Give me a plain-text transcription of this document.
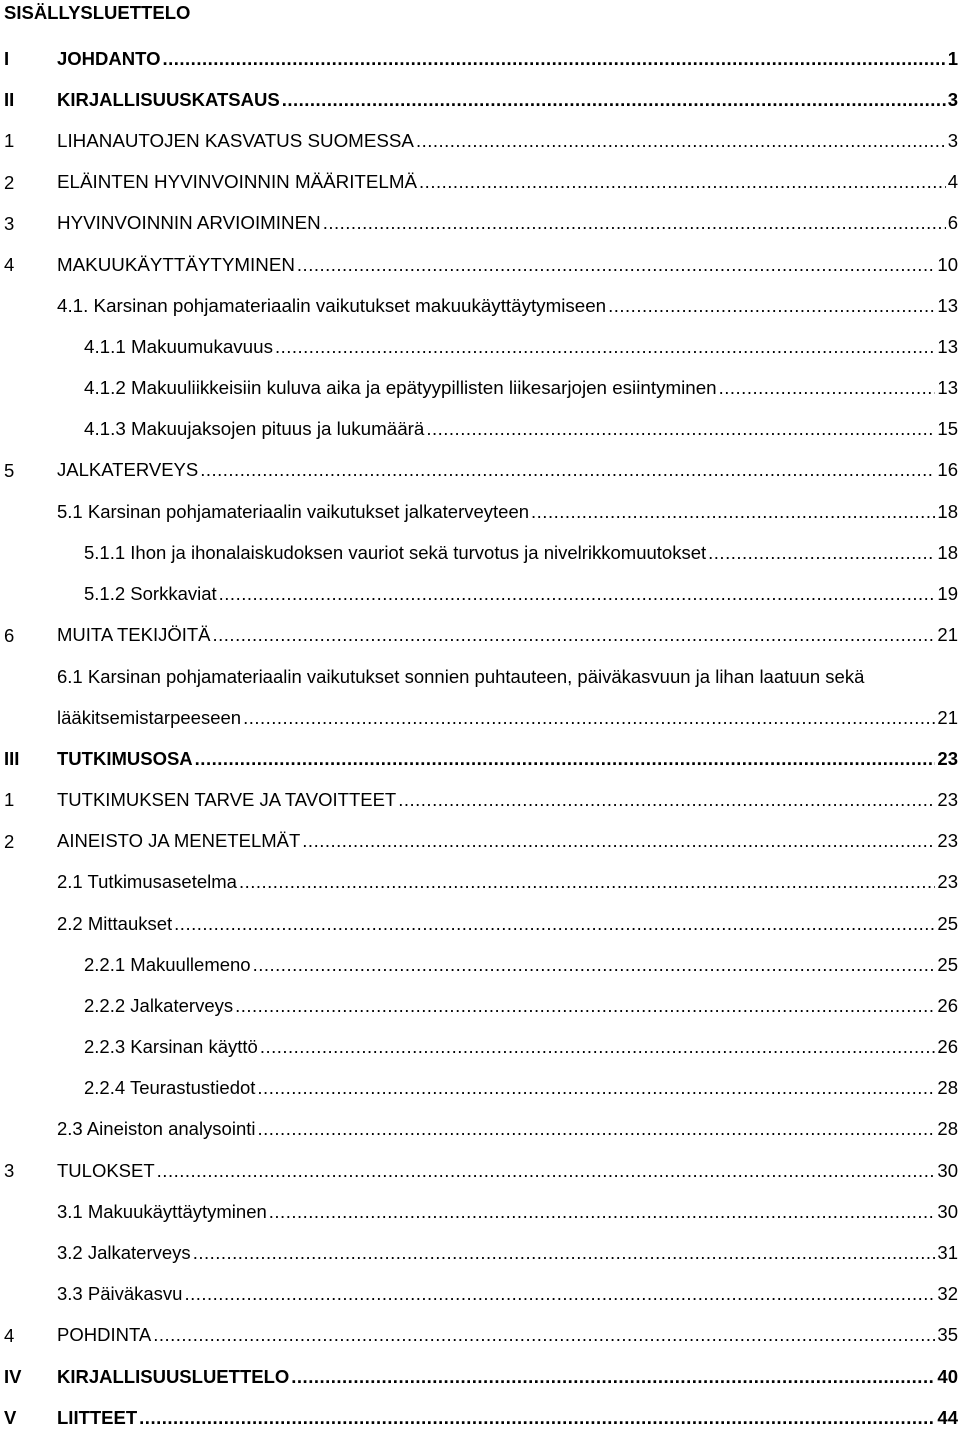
SISÄLLYSLUETTELO
I	JOHDANTO .....	1
II KIRJALLISUUSKATSAUS .....	3
1 LIHANAUTOJEN KASVATUS SUOMESSA .....	3
2 ELÄINTEN HYVINVOINNIN MÄÄRITELMÄ .....	4
3 HYVINVOINNIN ARVIOIMINEN .....	6
4 MAKUUKÄYTTÄYTYMINEN .....	10
4.1. Karsinan pohjamateriaalin vaikutukset makuukäyttäytymiseen .....	13
4.1.1 Makuumukavuus .....	13
4.1.2 Makuuliikkeisiin kuluva aika ja epätyypillisten liikesarjojen esiintyminen .....	13
4.1.3 Makuujaksojen pituus ja lukumäärä .....	15
5 JALKATERVEYS .....	16
5.1 Karsinan pohjamateriaalin vaikutukset jalkaterveyteen .....	18
5.1.1 Ihon ja ihonalaiskudoksen vauriot sekä turvotus ja nivelrikkomuutokset .....	18
5.1.2 Sorkkaviat .....	19
6 MUITA TEKIJÖITÄ .....	21
6.1 Karsinan pohjamateriaalin vaikutukset sonnien puhtauteen, päiväkasvuun ja lihan laatuun sekä
lääkitsemistarpeeseen .....	21
III TUTKIMUSOSA .....	23
1 TUTKIMUKSEN TARVE JA TAVOITTEET .....	23
2 AINEISTO JA MENETELMÄT .....	23
2.1 Tutkimusasetelma .....	23
2.2 Mittaukset .....	25
2.2.1 Makuullemeno .....	25
2.2.2 Jalkaterveys .....	26
2.2.3 Karsinan käyttö .....	26
2.2.4 Teurastustiedot .....	28
2.3 Aineiston analysointi .....	28
3 TULOKSET .....	30
3.1 Makuukäyttäytyminen .....	30
3.2 Jalkaterveys .....	31
3.3 Päiväkasvu .....	32
4 POHDINTA .....	35
IV KIRJALLISUUSLUETTELO .....	40
V LIITTEET .....	44
